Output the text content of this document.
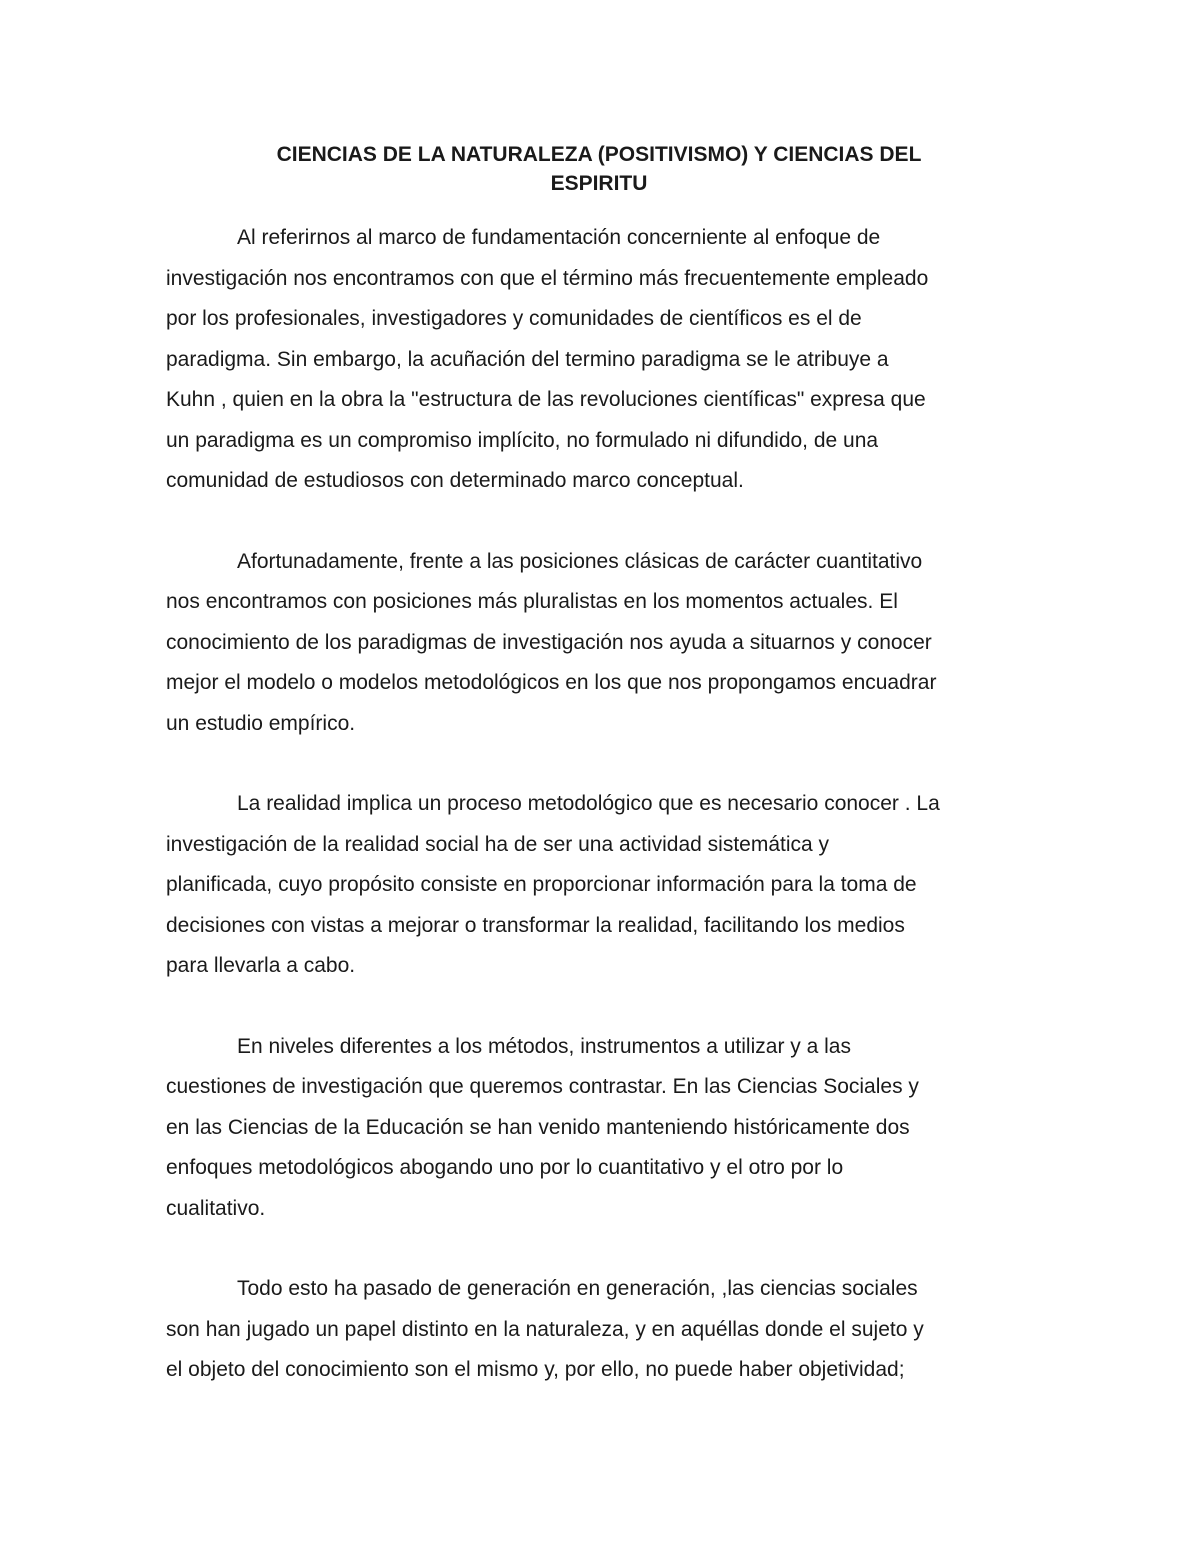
CIENCIAS DE LA NATURALEZA (POSITIVISMO) Y CIENCIAS DEL
ESPIRITU

Al referirnos al marco de fundamentación concerniente al enfoque de
investigación nos encontramos con que el término más frecuentemente empleado
por los profesionales, investigadores y comunidades de científicos es el de
paradigma. Sin embargo, la acuñación del termino paradigma se le atribuye a
Kuhn , quien en la obra la "estructura de las revoluciones científicas" expresa que
un paradigma es un compromiso implícito, no formulado ni difundido, de una
comunidad de estudiosos con determinado marco conceptual.

Afortunadamente, frente a las posiciones clásicas de carácter cuantitativo
nos encontramos con posiciones más pluralistas en los momentos actuales. El
conocimiento de los paradigmas de investigación nos ayuda a situarnos y conocer
mejor el modelo o modelos metodológicos en los que nos propongamos encuadrar
un estudio empírico.

La realidad implica un proceso metodológico que es necesario conocer . La
investigación de la realidad social ha de ser una actividad sistemática y
planificada, cuyo propósito consiste en proporcionar información para la toma de
decisiones con vistas a mejorar o transformar la realidad, facilitando los medios
para llevarla a cabo.

En niveles diferentes a los métodos, instrumentos a utilizar y a las
cuestiones de investigación que queremos contrastar. En las Ciencias Sociales y
en las Ciencias de la Educación se han venido manteniendo históricamente dos
enfoques metodológicos abogando uno por lo cuantitativo y el otro por lo
cualitativo.

Todo esto ha pasado de generación en generación, ,las ciencias sociales
son han jugado un papel distinto en la naturaleza, y en aquéllas donde el sujeto y
el objeto del conocimiento son el mismo y, por ello, no puede haber objetividad;
